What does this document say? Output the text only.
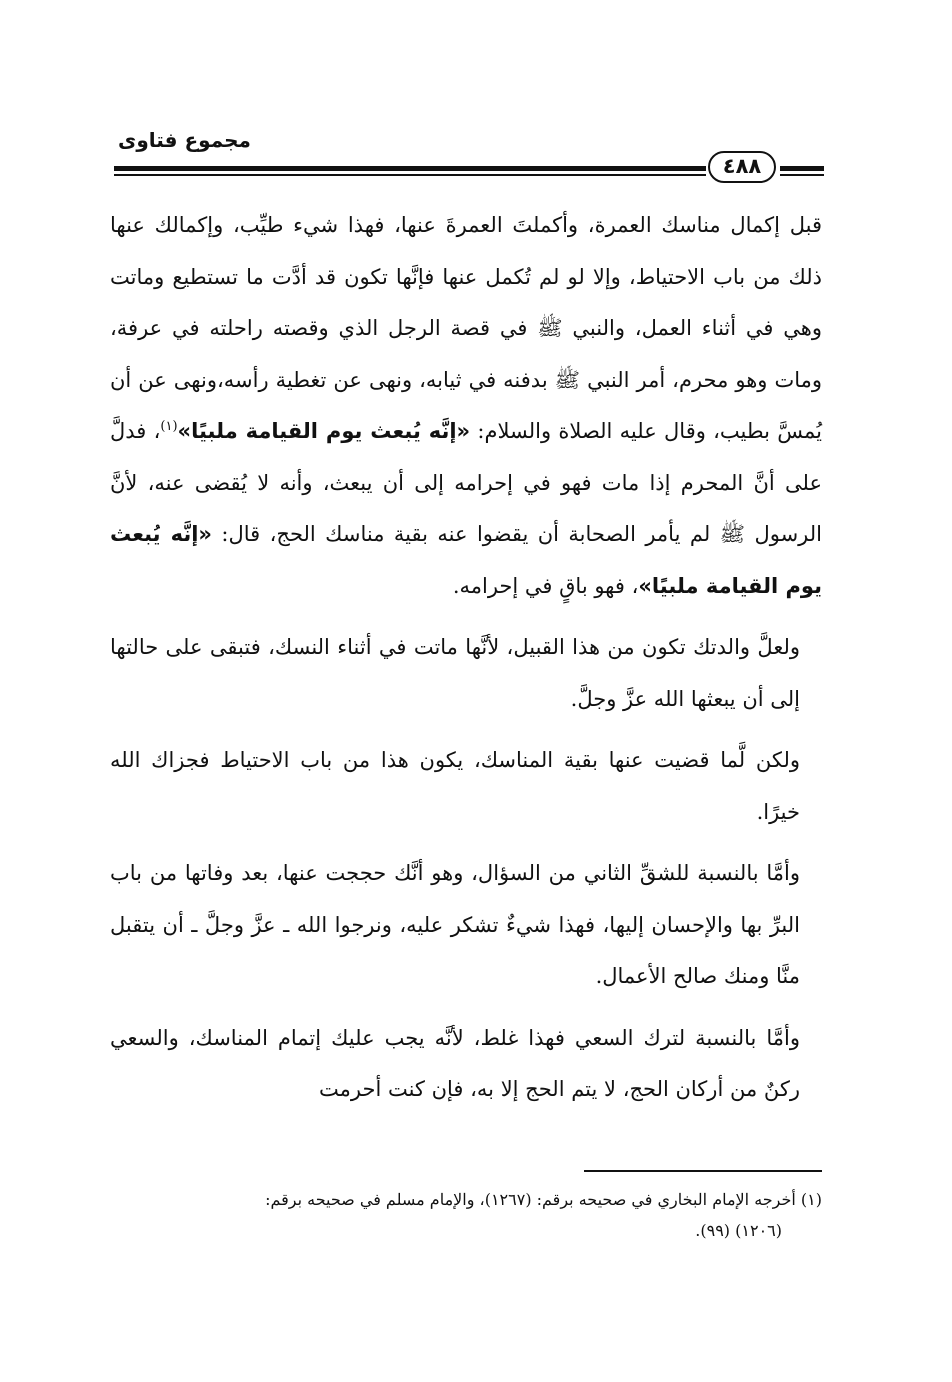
مجموع فتاوى
٤٨٨

قبل إكمال مناسك العمرة، وأكملتَ العمرةَ عنها، فهذا شيء طيِّب، وإكمالك عنها ذلك من باب الاحتياط، وإلا لو لم تُكمل عنها فإنَّها تكون قد أدَّت ما تستطيع وماتت وهي في أثناء العمل، والنبي ﷺ في قصة الرجل الذي وقصته راحلته في عرفة، ومات وهو محرم، أمر النبي ﷺ بدفنه في ثيابه، ونهى عن تغطية رأسه،ونهى عن أن يُمسَّ بطيب، وقال عليه الصلاة والسلام: «إنَّه يُبعث يوم القيامة ملبيًا»$^{(١)}$، فدلَّ على أنَّ المحرم إذا مات فهو في إحرامه إلى أن يبعث، وأنه لا يُقضى عنه، لأنَّ الرسول ﷺ لم يأمر الصحابة أن يقضوا عنه بقية مناسك الحج، قال: «إنَّه يُبعث يوم القيامة ملبيًا»، فهو باقٍ في إحرامه.

ولعلَّ والدتك تكون من هذا القبيل، لأنَّها ماتت في أثناء النسك، فتبقى على حالتها إلى أن يبعثها الله عزَّ وجلَّ.

ولكن لَّما قضيت عنها بقية المناسك، يكون هذا من باب الاحتياط فجزاك الله خيرًا.

وأمَّا بالنسبة للشقِّ الثاني من السؤال، وهو أنَّك حججت عنها، بعد وفاتها من باب البرِّ بها والإحسان إليها، فهذا شيءٌ تشكر عليه، ونرجوا الله ـ عزَّ وجلَّ ـ أن يتقبل منَّا ومنك صالح الأعمال.

وأمَّا بالنسبة لترك السعي فهذا غلط، لأنَّه يجب عليك إتمام المناسك، والسعي ركنٌ من أركان الحج، لا يتم الحج إلا به، فإن كنت أحرمت

(١) أخرجه الإمام البخاري في صحيحه برقم: (١٢٦٧)، والإمام مسلم في صحيحه برقم:

(١٢٠٦) (٩٩).
